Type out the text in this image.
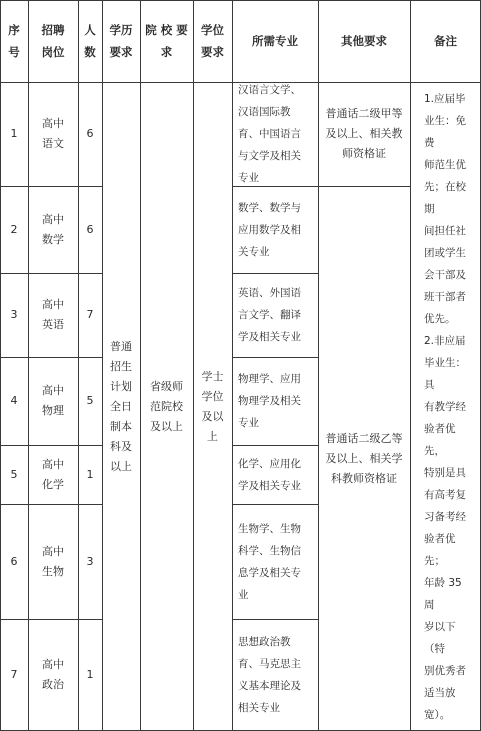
序
号
招聘
岗位
人
数
学历
要求
院 校 要
求
学位
要求
所需专业	其他要求	备注
1
高中
语文
6
汉语言文学、
汉语国际教
育、中国语言
与文学及相关
专业
2
高中
数学
6
数学、数学与
应用数学及相
关专业
3
高中
英语
7
英语、外国语
言文学、翻译
学及相关专业
4
高中
物理
5
物理学、应用
物理学及相关
专业
5
高中
化学
1
化学、应用化
学及相关专业
6
高中
生物
3
生物学、生物
科学、生物信
息学及相关专
业
7
高中
政治
1
思想政治教
育、马克思主
义基本理论及
相关专业
普通
招生
计划
全日
制本
科及
以上
省级师
范院校
及以上
学士
学位
及以
上
普通话二级甲等
及以上、相关教
师资格证
普通话二级乙等
及以上、相关学
科教师资格证
1.应届毕
业生：免费
师范生优
先；在校期
间担任社
团或学生
会干部及
班干部者
优先。
2.非应届
毕业生：具
有教学经
验者优先，
特别是具
有高考复
习备考经
验者优先；
年龄 35 周
岁以下（特
别优秀者
适当放
宽）。
